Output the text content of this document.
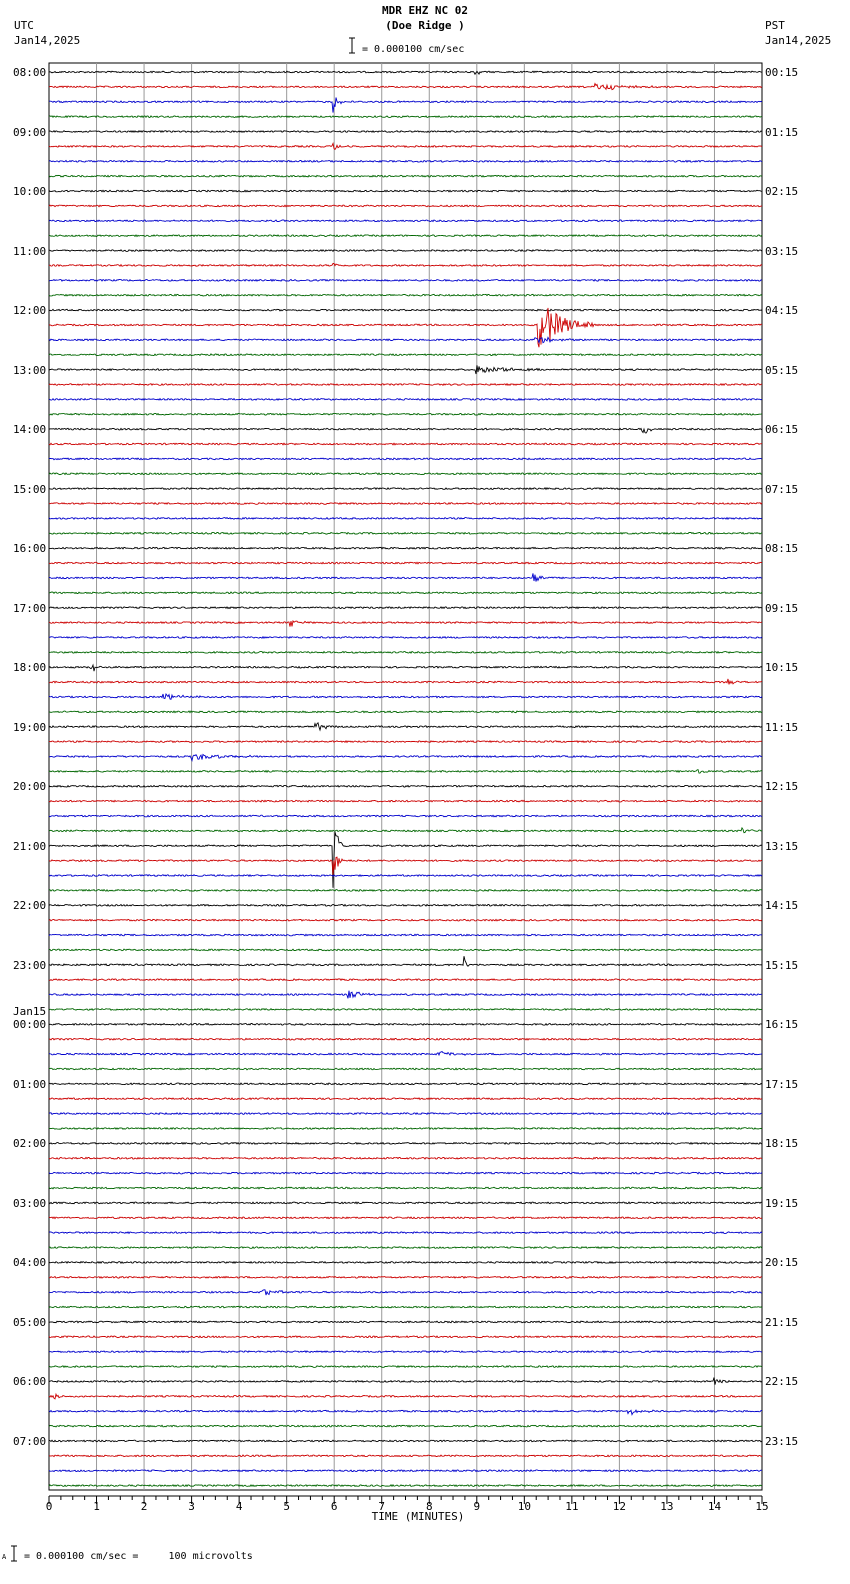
MDR EHZ NC 02
(Doe Ridge )
= 0.000100 cm/sec
UTC
Jan14,2025
PST
Jan14,2025
08:00
09:00
10:00
11:00
12:00
13:00
14:00
15:00
16:00
17:00
18:00
19:00
20:00
21:00
22:00
23:00
00:00
Jan15
01:00
02:00
03:00
04:00
05:00
06:00
07:00
00:15
01:15
02:15
03:15
04:15
05:15
06:15
07:15
08:15
09:15
10:15
11:15
12:15
13:15
14:15
15:15
16:15
17:15
18:15
19:15
20:15
21:15
22:15
23:15
0	1	2	3	4	5	6	7	8	9	10	11	12	13	14	15
TIME (MINUTES)
A = 0.000100 cm/sec =     100 microvolts
